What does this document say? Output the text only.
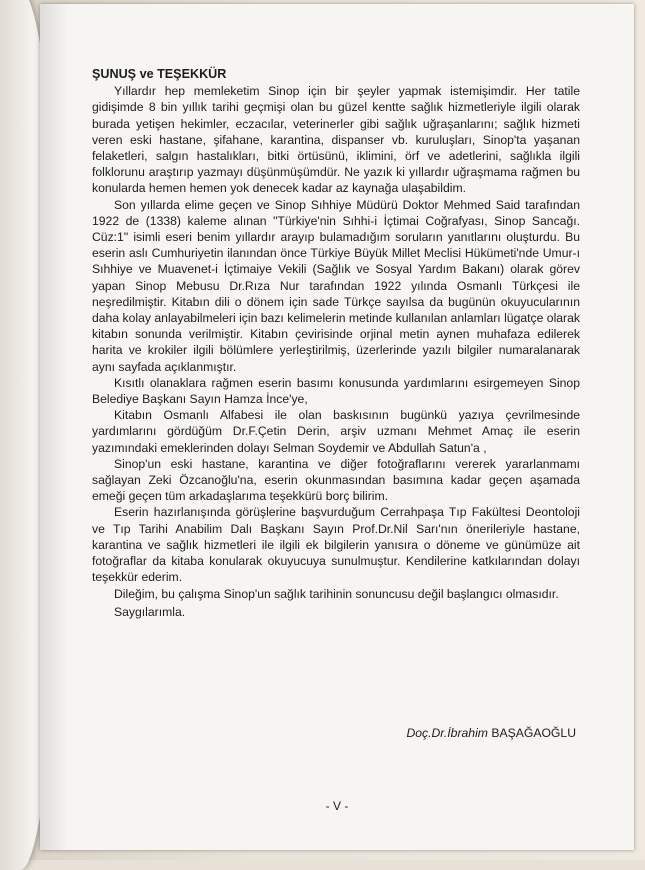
ŞUNUŞ ve TEŞEKKÜR

Yıllardır hep memleketim Sinop için bir şeyler yapmak istemişimdir. Her tatile gidişimde 8 bin yıllık tarihi geçmişi olan bu güzel kentte sağlık hizmetleriyle ilgili olarak burada yetişen hekimler, eczacılar, veterinerler gibi sağlık uğraşanlarını; sağlık hizmeti veren eski hastane, şifahane, karantina, dispanser vb. kuruluşları, Sinop'ta yaşanan felaketleri, salgın hastalıkları, bitki örtüsünü, iklimini, örf ve adetlerini, sağlıkla ilgili folklorunu araştırıp yazmayı düşünmüşümdür. Ne yazık ki yıllardır uğraşmama rağmen bu konularda hemen hemen yok denecek kadar az kaynağa ulaşabildim.

Son yıllarda elime geçen ve Sinop Sıhhiye Müdürü Doktor Mehmed Said tarafından 1922 de (1338) kaleme alınan "Türkiye'nin Sıhhi-i İçtimai Coğrafyası, Sinop Sancağı. Cüz:1" isimli eseri benim yıllardır arayıp bulamadığım soruların yanıtlarını oluşturdu. Bu eserin aslı Cumhuriyetin ilanından önce Türkiye Büyük Millet Meclisi Hükümeti'nde Umur-ı Sıhhiye ve Muavenet-i İçtimaiye Vekili (Sağlık ve Sosyal Yardım Bakanı) olarak görev yapan Sinop Mebusu Dr.Rıza Nur tarafından 1922 yılında Osmanlı Türkçesi ile neşredilmiştir. Kitabın dili o dönem için sade Türkçe sayılsa da bugünün okuyucularının daha kolay anlayabilmeleri için bazı kelimelerin metinde kullanılan anlamları lügatçe olarak kitabın sonunda verilmiştir. Kitabın çevirisinde orjinal metin aynen muhafaza edilerek harita ve krokiler ilgili bölümlere yerleştirilmiş, üzerlerinde yazılı bilgiler numaralanarak aynı sayfada açıklanmıştır.

Kısıtlı olanaklara rağmen eserin basımı konusunda yardımlarını esirgemeyen Sinop Belediye Başkanı Sayın Hamza İnce'ye,

Kitabın Osmanlı Alfabesi ile olan baskısının bugünkü yazıya çevrilmesinde yardımlarını gördüğüm Dr.F.Çetin Derin, arşiv uzmanı Mehmet Amaç ile eserin yazımındaki emeklerinden dolayı Selman Soydemir ve Abdullah Satun'a ,

Sinop'un eski hastane, karantina ve diğer fotoğraflarını vererek yararlanmamı sağlayan Zeki Özcanoğlu'na, eserin okunmasından basımına kadar geçen aşamada emeği geçen tüm arkadaşlarıma teşekkürü borç bilirim.

Eserin hazırlanışında görüşlerine başvurduğum Cerrahpaşa Tıp Fakültesi Deontoloji ve Tıp Tarihi Anabilim Dalı Başkanı Sayın Prof.Dr.Nil Sarı'nın önerileriyle hastane, karantina ve sağlık hizmetleri ile ilgili ek bilgilerin yanısıra o döneme ve günümüze ait fotoğraflar da kitaba konularak okuyucuya sunulmuştur. Kendilerine katkılarından dolayı teşekkür ederim.

Dileğim, bu çalışma Sinop'un sağlık tarihinin sonuncusu değil başlangıcı olmasıdır.

Saygılarımla.

Doç.Dr.İbrahim BAŞAĞAOĞLU
- V -
